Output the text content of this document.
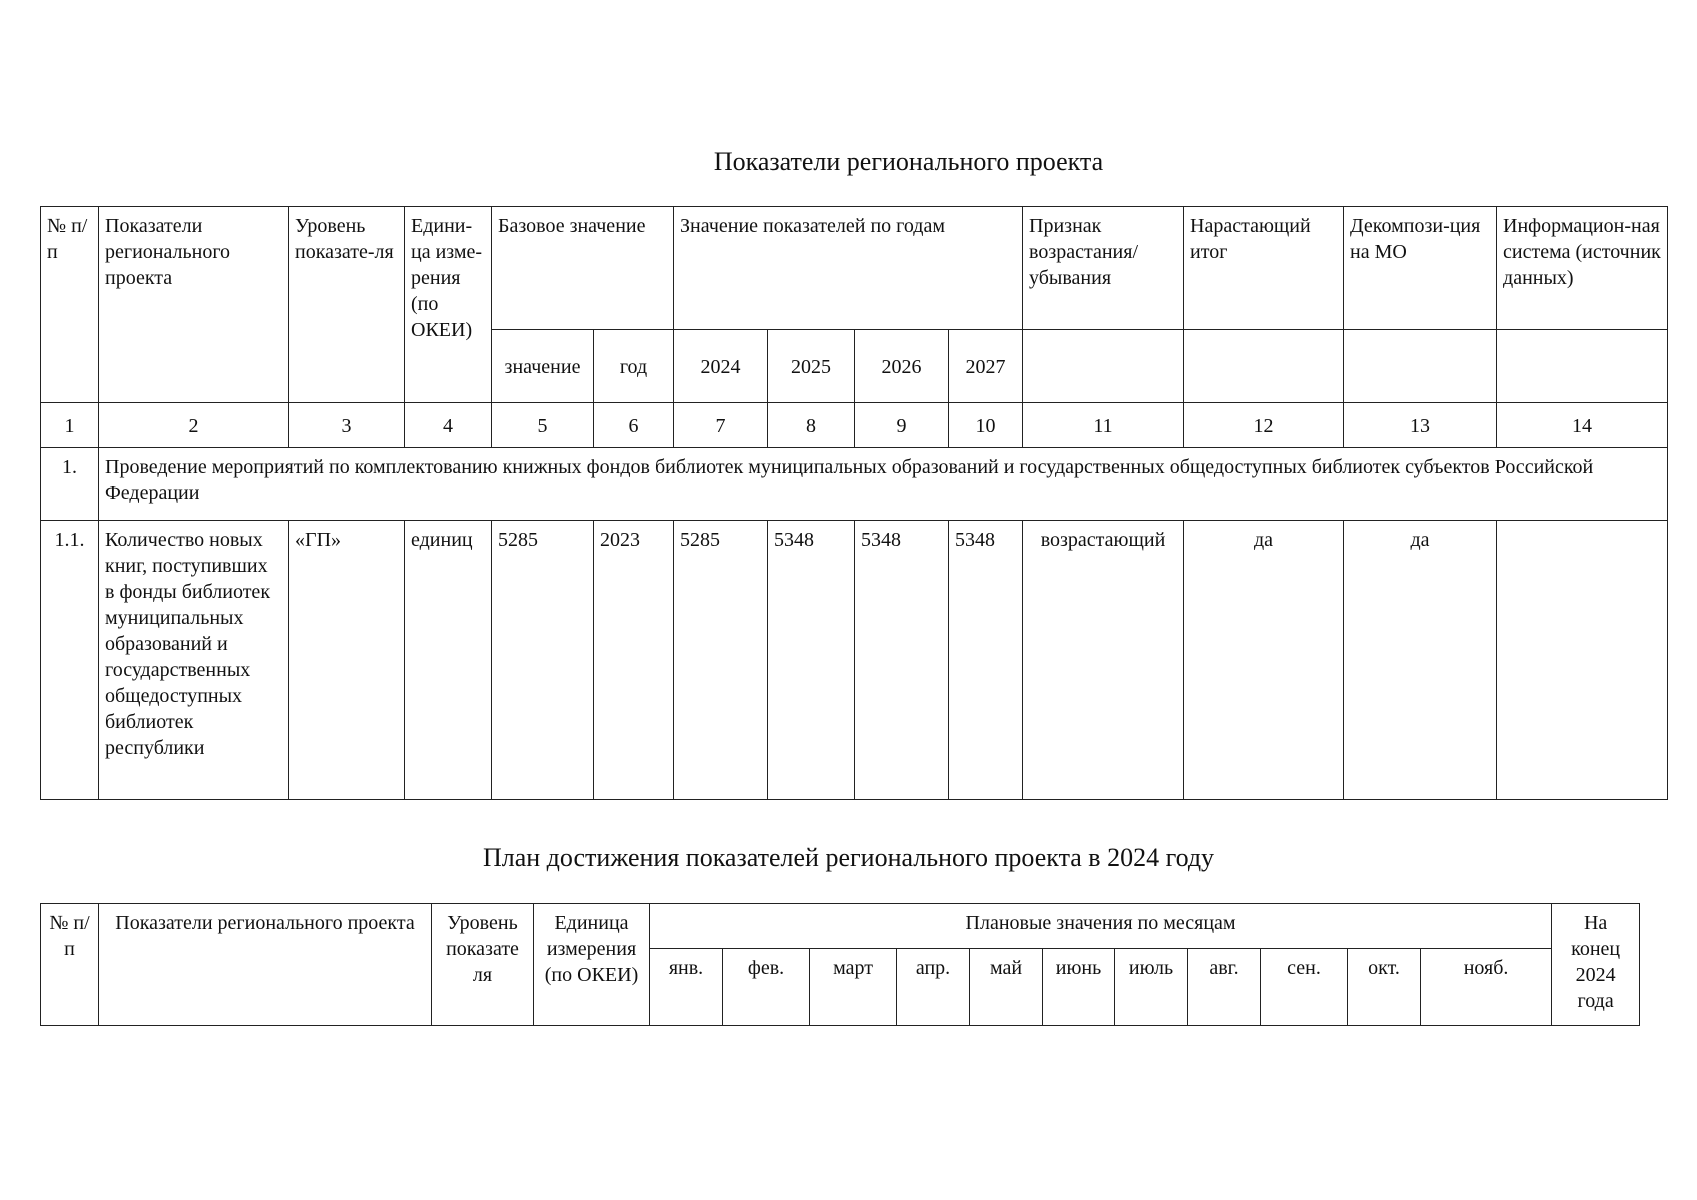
Показатели регионального проекта
№ п/п	Показатели регионального проекта	Уровень показате-ля	Едини-ца изме-рения (по ОКЕИ)	Базовое значение		Значение показателей по годам				Признак возрастания/ убывания	Нарастающий итог	Декомпози-ция на МО	Информацион-ная система (источник данных)
				значение	год	2024	2025	2026	2027				
1	2	3	4	5	6	7	8	9	10	11	12	13	14
1.	Проведение мероприятий по комплектованию книжных фондов библиотек муниципальных образований и государственных общедоступных библиотек субъектов Российской Федерации												
1.1.	Количество новых книг, поступивших в фонды библиотек муниципальных образований и государственных общедоступных библиотек республики	«ГП»	единиц	5285	2023	5285	5348	5348	5348	возрастающий	да	да	
План достижения показателей регионального проекта в 2024 году
№ п/п	Показатели регионального проекта	Уровень показате ля	Единица измерения (по ОКЕИ)	Плановые значения по месяцам											На конец 2024 года
				янв.	фев.	март	апр.	май	июнь	июль	авг.	сен.	окт.	нояб.	
